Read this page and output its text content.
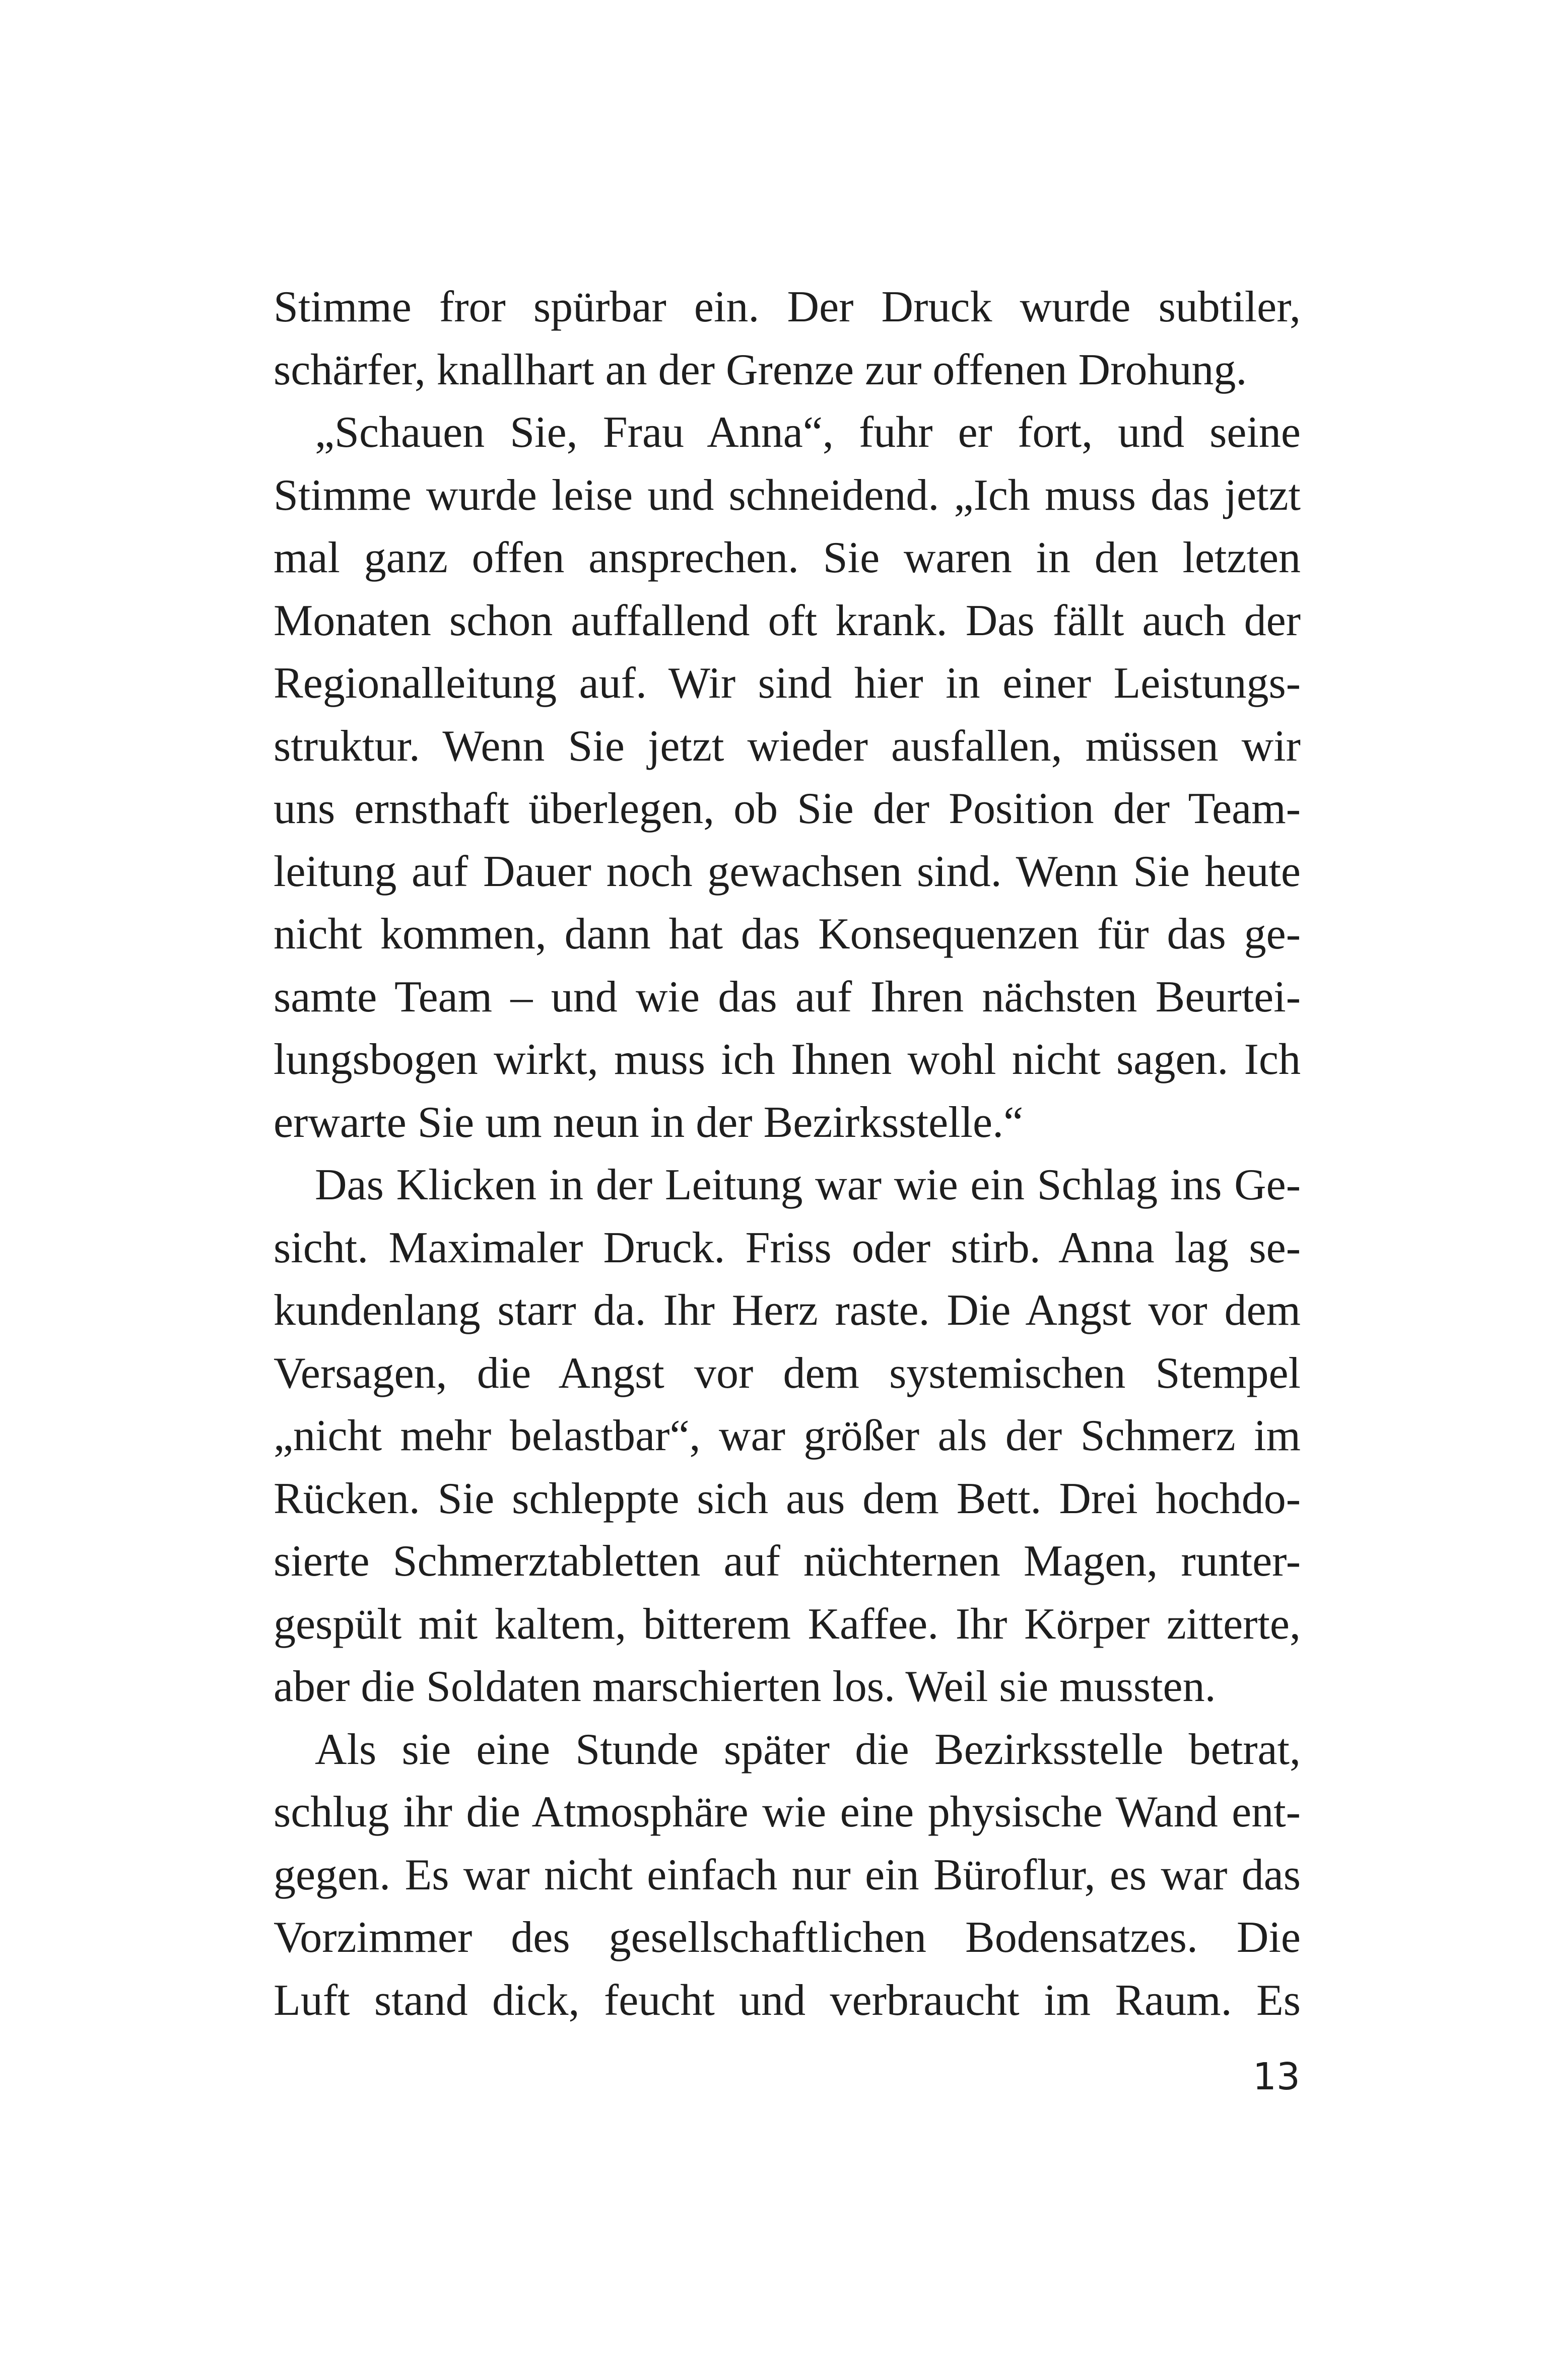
Stimme fror spürbar ein. Der Druck wurde subtiler,
schärfer, knallhart an der Grenze zur offenen Drohung.
„Schauen Sie, Frau Anna“, fuhr er fort, und seine
Stimme wurde leise und schneidend. „Ich muss das jetzt
mal ganz offen ansprechen. Sie waren in den letzten
Monaten schon auffallend oft krank. Das fällt auch der
Regionalleitung auf. Wir sind hier in einer Leistungs-
struktur. Wenn Sie jetzt wieder ausfallen, müssen wir
uns ernsthaft überlegen, ob Sie der Position der Team-
leitung auf Dauer noch gewachsen sind. Wenn Sie heute
nicht kommen, dann hat das Konsequenzen für das ge-
samte Team – und wie das auf Ihren nächsten Beurtei-
lungsbogen wirkt, muss ich Ihnen wohl nicht sagen. Ich
erwarte Sie um neun in der Bezirksstelle.“
Das Klicken in der Leitung war wie ein Schlag ins Ge-
sicht. Maximaler Druck. Friss oder stirb. Anna lag se-
kundenlang starr da. Ihr Herz raste. Die Angst vor dem
Versagen, die Angst vor dem systemischen Stempel
„nicht mehr belastbar“, war größer als der Schmerz im
Rücken. Sie schleppte sich aus dem Bett. Drei hochdo-
sierte Schmerztabletten auf nüchternen Magen, runter-
gespült mit kaltem, bitterem Kaffee. Ihr Körper zitterte,
aber die Soldaten marschierten los. Weil sie mussten.
Als sie eine Stunde später die Bezirksstelle betrat,
schlug ihr die Atmosphäre wie eine physische Wand ent-
gegen. Es war nicht einfach nur ein Büroflur, es war das
Vorzimmer des gesellschaftlichen Bodensatzes. Die
Luft stand dick, feucht und verbraucht im Raum. Es
13
